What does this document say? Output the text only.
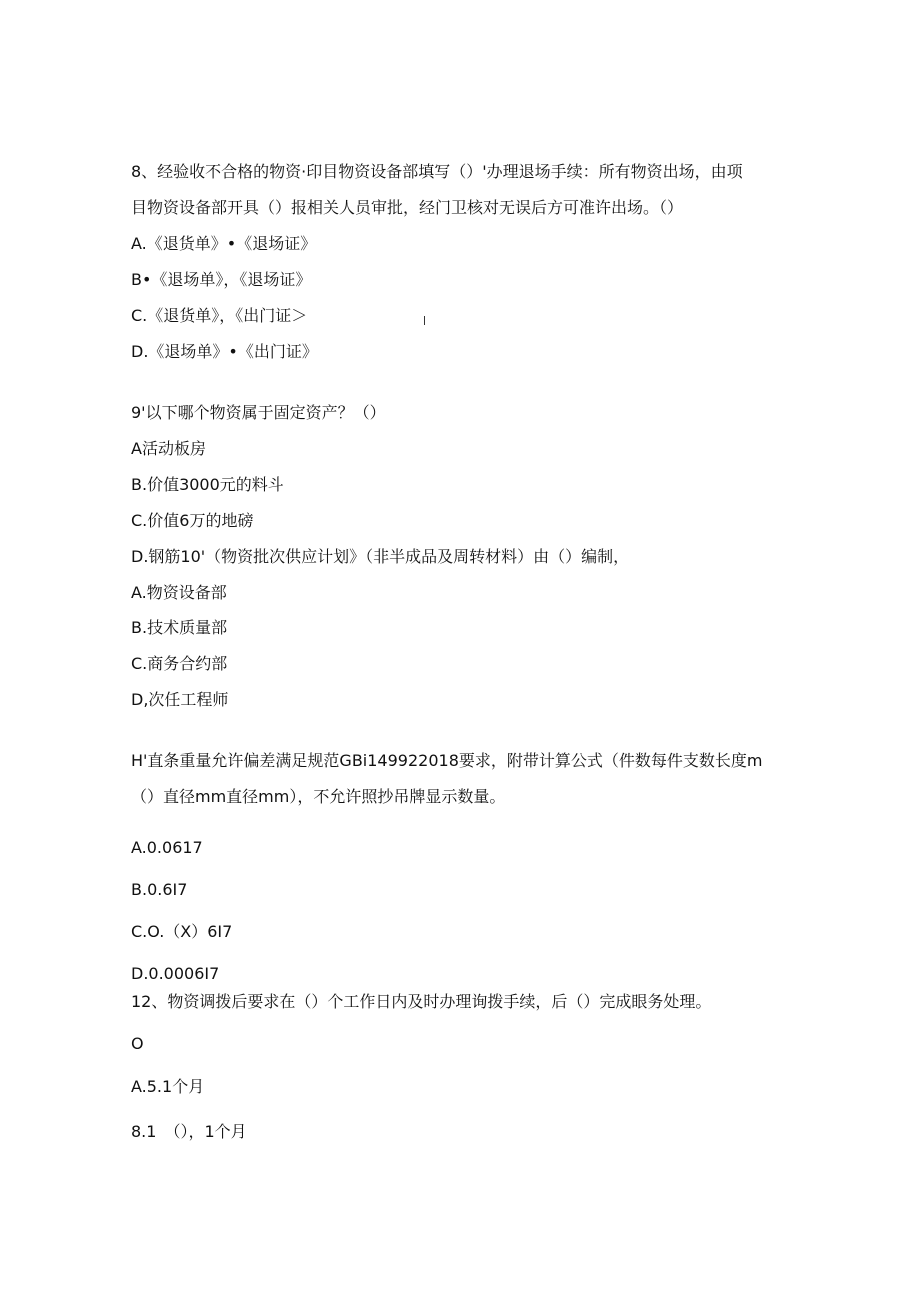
8、经验收不合格的物资·印目物资设备部填写（）'办理退场手续：所有物资出场，由项
目物资设备部开具（）报相关人员审批，经门卫核对无误后方可准许出场。（）
A.《退货单》•《退场证》
B•《退场单》，《退场证》
C.《退货单》，《出门证＞
D.《退场单》•《出门证》
9'以下哪个物资属于固定资产？（）
A活动板房
B.价值3000元的料斗
C.价值6万的地磅
D.钢筋10'（物资批次供应计划》（非半成品及周转材料）由（）编制，
A.物资设备部
B.技术质量部
C.商务合约部
D,次任工程师
H'直条重量允许偏差满足规范GBi149922018要求，附带计算公式（件数每件支数长度m
（）直径mm直径mm），不允许照抄吊牌显示数量。
A.0.0617
B.0.6I7
C.O.（X）6I7
D.0.0006I7
12、物资调拨后要求在（）个工作日内及时办理询拨手续，后（）完成眼务处理。
O
A.5.1个月
8.1　（），1个月
